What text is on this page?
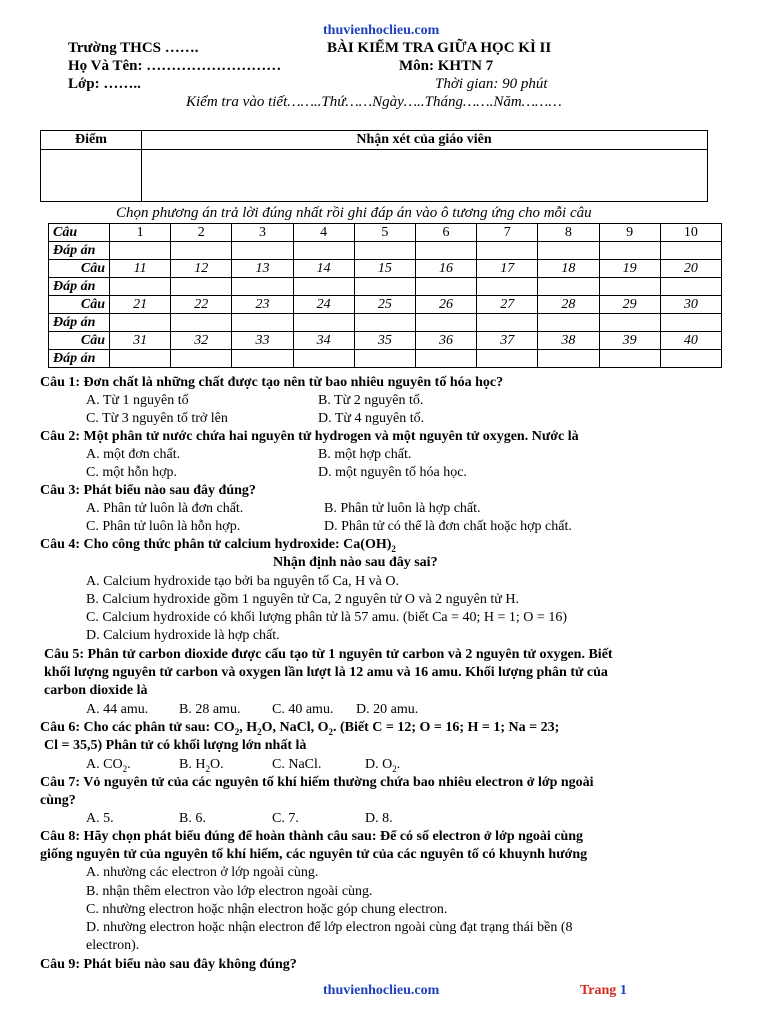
thuvienhoclieu.com
Trường THCS …….	BÀI KIỂM TRA GIỮA HỌC KÌ II
Họ Và Tên: ………………………	Môn: KHTN 7
Lớp: ……..	Thời gian: 90 phút
Kiểm tra vào tiết……..Thứ……Ngày…..Tháng…….Năm………
Điểm	Nhận xét của giáo viên
Chọn phương án trả lời đúng nhất rồi ghi đáp án vào ô tương ứng cho mỗi câu
Câu	1	2	3	4	5	6	7	8	9	10
Đáp án										
Câu	11	12	13	14	15	16	17	18	19	20
Đáp án										
Câu	21	22	23	24	25	26	27	28	29	30
Đáp án										
Câu	31	32	33	34	35	36	37	38	39	40
Đáp án										
Câu 1: Đơn chất là những chất được tạo nên từ bao nhiêu nguyên tố hóa học?
A. Từ 1 nguyên tố	B. Từ 2 nguyên tố.
C. Từ 3 nguyên tố trở lên	D. Từ 4 nguyên tố.
Câu 2: Một phân tử nước chứa hai nguyên tử hydrogen và một nguyên tử oxygen. Nước là
A. một đơn chất.	B. một hợp chất.
C. một hỗn hợp.	D. một nguyên tố hóa học.
Câu 3: Phát biểu nào sau đây đúng?
A. Phân tử luôn là đơn chất.	B. Phân tử luôn là hợp chất.
C. Phân tử luôn là hỗn hợp.	D. Phân tử có thể là đơn chất hoặc hợp chất.
Câu 4: Cho công thức phân tử calcium hydroxide: $Ca(OH)_2$
Nhận định nào sau đây sai?
A. Calcium hydroxide tạo bởi ba nguyên tố Ca, H và O.
B. Calcium hydroxide gồm 1 nguyên tử Ca, 2 nguyên tử O và 2 nguyên tử H.
C. Calcium hydroxide có khối lượng phân tử là 57 amu. (biết Ca = 40; H = 1; O = 16)
D. Calcium hydroxide là hợp chất.
Câu 5: Phân tử carbon dioxide được cấu tạo từ 1 nguyên tử carbon và 2 nguyên tử oxygen. Biết
khối lượng nguyên tử carbon và oxygen lần lượt là 12 amu và 16 amu. Khối lượng phân tử của
carbon dioxide là
A. 44 amu. B. 28 amu. C. 40 amu. D. 20 amu.
Câu 6: Cho các phân tử sau: $CO_2$, $H_2O$, NaCl, $O_2$. (Biết C = 12; O = 16; H = 1; Na = 23;
Cl = 35,5) Phân tử có khối lượng lớn nhất là
A. $CO_2$.	B. $H_2O$.	C. NaCl.	D. $O_2$.
Câu 7: Vỏ nguyên tử của các nguyên tố khí hiếm thường chứa bao nhiêu electron ở lớp ngoài
cùng?
A. 5.	B. 6.	C. 7.	D. 8.
Câu 8: Hãy chọn phát biểu đúng để hoàn thành câu sau: Để có số electron ở lớp ngoài cùng
giống nguyên tử của nguyên tố khí hiếm, các nguyên tử của các nguyên tố có khuynh hướng
A. nhường các electron ở lớp ngoài cùng.
B. nhận thêm electron vào lớp electron ngoài cùng.
C. nhường electron hoặc nhận electron hoặc góp chung electron.
D. nhường electron hoặc nhận electron để lớp electron ngoài cùng đạt trạng thái bền (8
electron).
Câu 9: Phát biểu nào sau đây không đúng?
thuvienhoclieu.com	Trang 1
